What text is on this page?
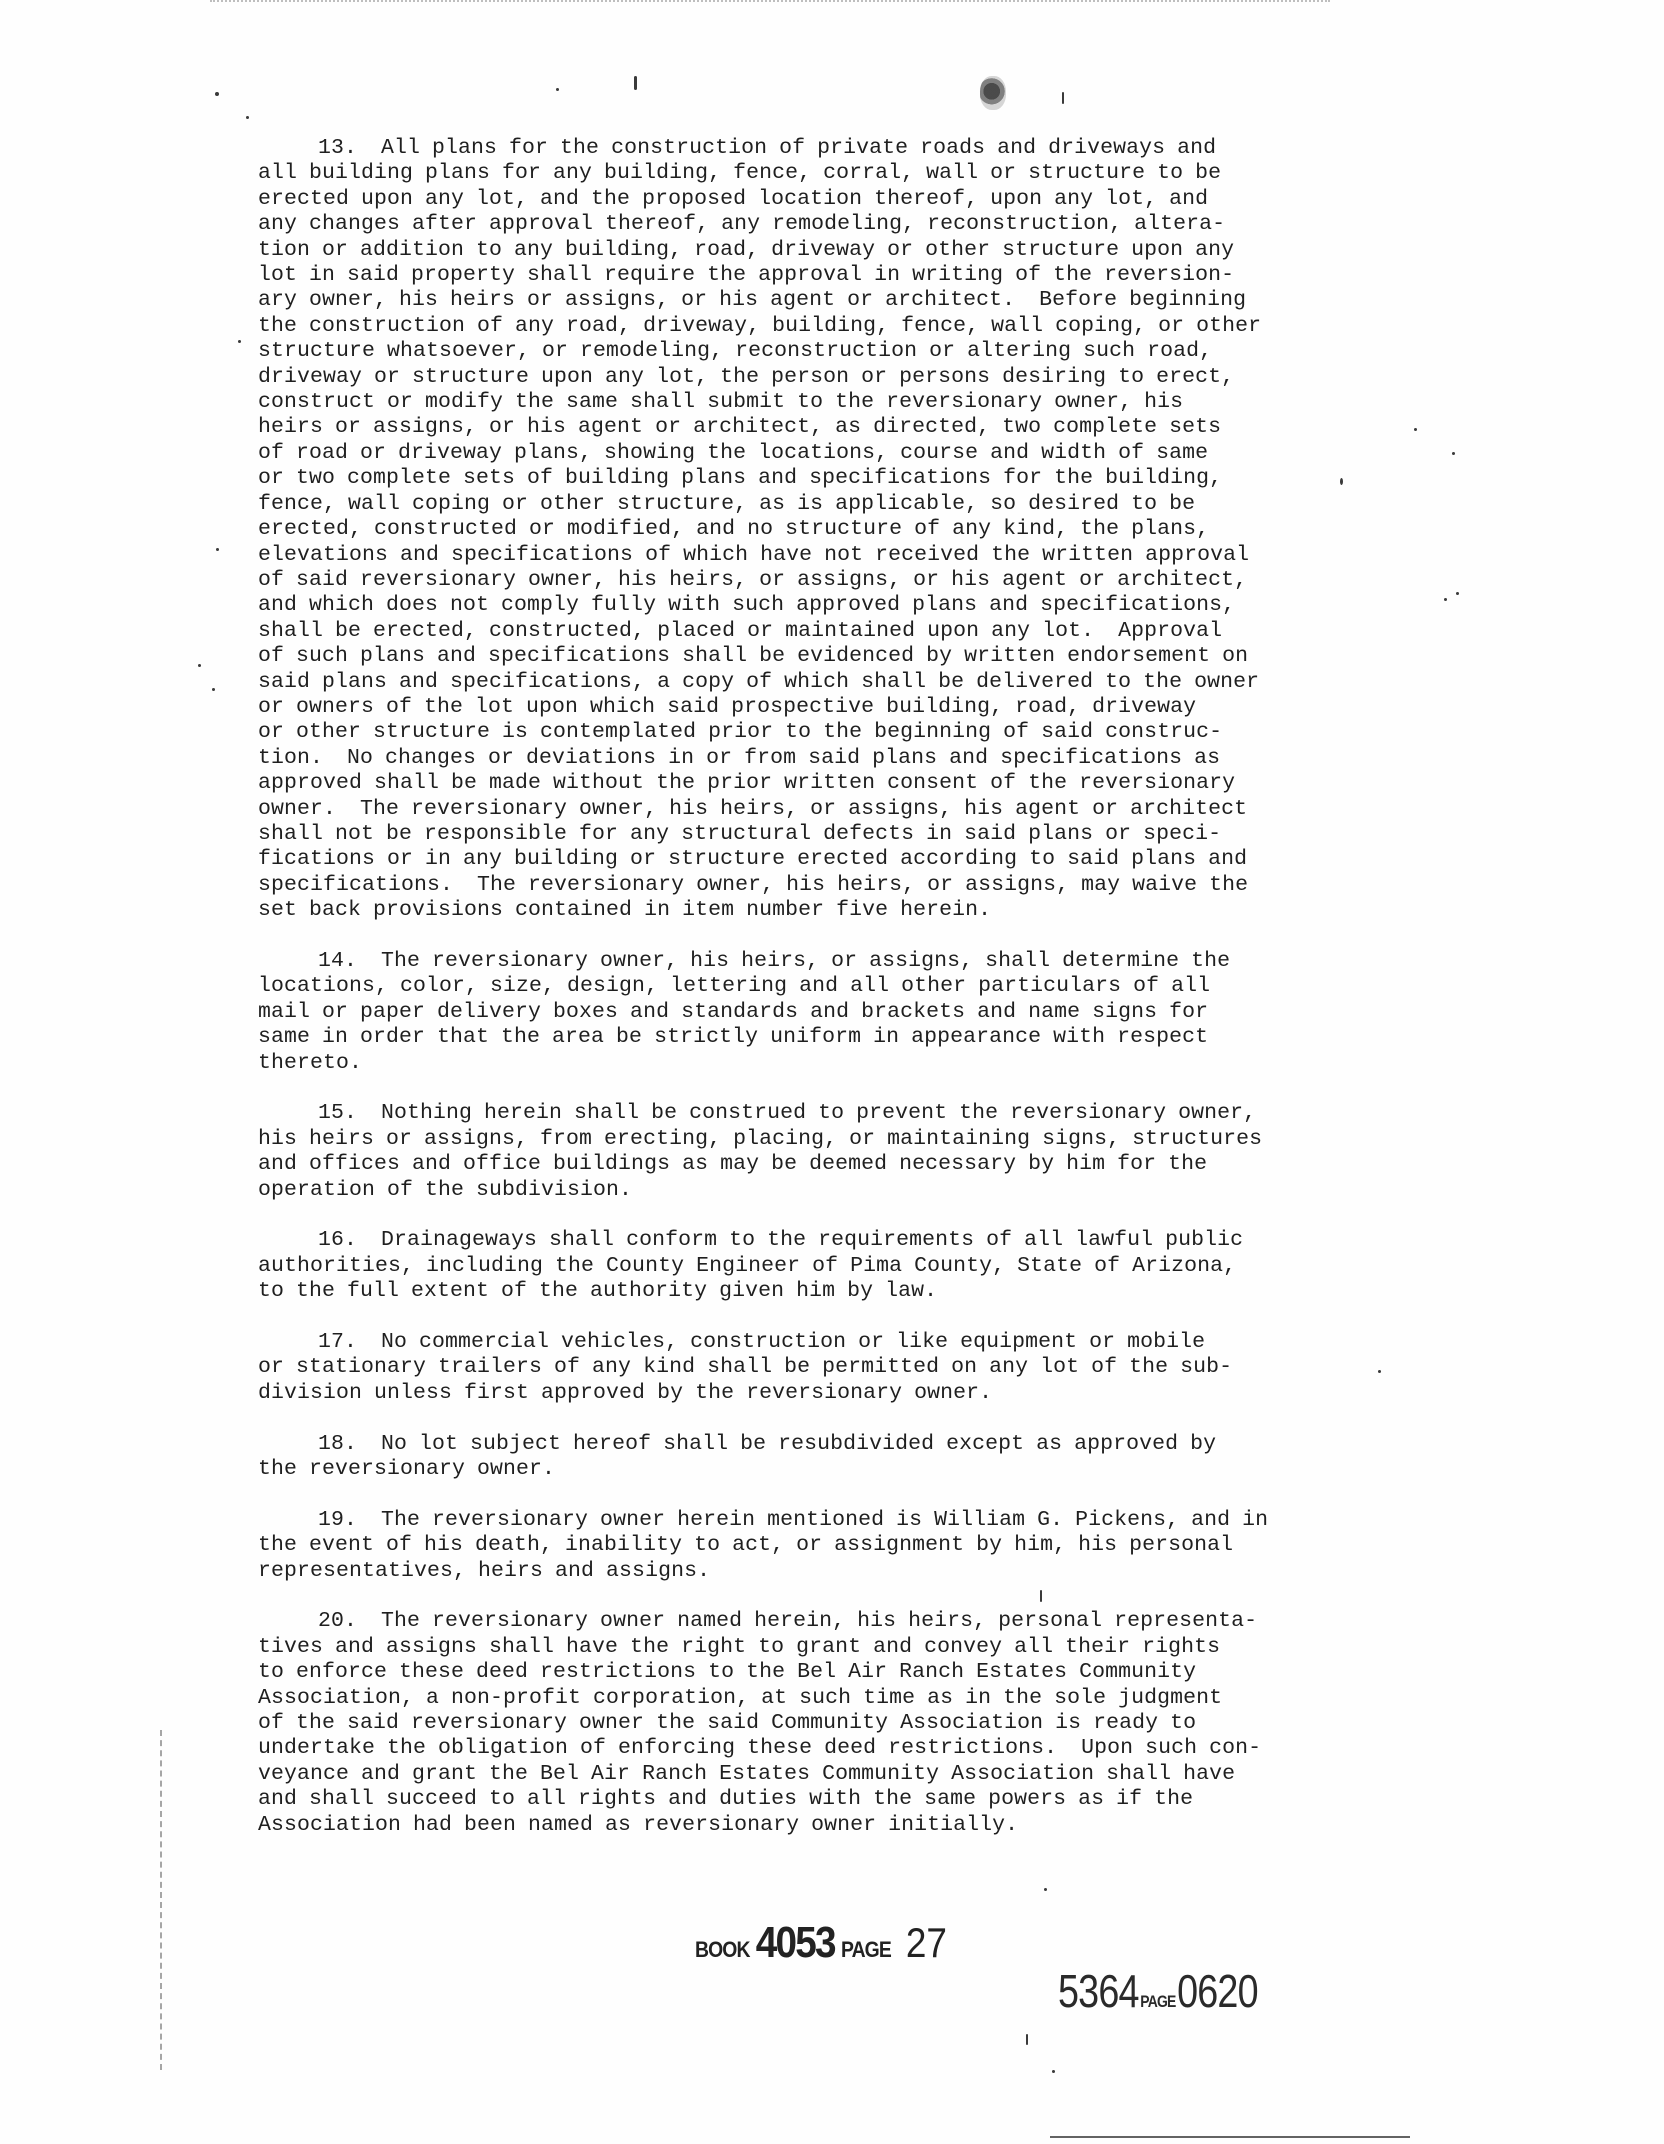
13.  All plans for the construction of private roads and driveways and
all building plans for any building, fence, corral, wall or structure to be
erected upon any lot, and the proposed location thereof, upon any lot, and
any changes after approval thereof, any remodeling, reconstruction, altera-
tion or addition to any building, road, driveway or other structure upon any
lot in said property shall require the approval in writing of the reversion-
ary owner, his heirs or assigns, or his agent or architect.  Before beginning
the construction of any road, driveway, building, fence, wall coping, or other
structure whatsoever, or remodeling, reconstruction or altering such road,
driveway or structure upon any lot, the person or persons desiring to erect,
construct or modify the same shall submit to the reversionary owner, his
heirs or assigns, or his agent or architect, as directed, two complete sets
of road or driveway plans, showing the locations, course and width of same
or two complete sets of building plans and specifications for the building,
fence, wall coping or other structure, as is applicable, so desired to be
erected, constructed or modified, and no structure of any kind, the plans,
elevations and specifications of which have not received the written approval
of said reversionary owner, his heirs, or assigns, or his agent or architect,
and which does not comply fully with such approved plans and specifications,
shall be erected, constructed, placed or maintained upon any lot.  Approval
of such plans and specifications shall be evidenced by written endorsement on
said plans and specifications, a copy of which shall be delivered to the owner
or owners of the lot upon which said prospective building, road, driveway
or other structure is contemplated prior to the beginning of said construc-
tion.  No changes or deviations in or from said plans and specifications as
approved shall be made without the prior written consent of the reversionary
owner.  The reversionary owner, his heirs, or assigns, his agent or architect
shall not be responsible for any structural defects in said plans or speci-
fications or in any building or structure erected according to said plans and
specifications.  The reversionary owner, his heirs, or assigns, may waive the
set back provisions contained in item number five herein.

14.  The reversionary owner, his heirs, or assigns, shall determine the
locations, color, size, design, lettering and all other particulars of all
mail or paper delivery boxes and standards and brackets and name signs for
same in order that the area be strictly uniform in appearance with respect
thereto.

15.  Nothing herein shall be construed to prevent the reversionary owner,
his heirs or assigns, from erecting, placing, or maintaining signs, structures
and offices and office buildings as may be deemed necessary by him for the
operation of the subdivision.

16.  Drainageways shall conform to the requirements of all lawful public
authorities, including the County Engineer of Pima County, State of Arizona,
to the full extent of the authority given him by law.

17.  No commercial vehicles, construction or like equipment or mobile
or stationary trailers of any kind shall be permitted on any lot of the sub-
division unless first approved by the reversionary owner.

18.  No lot subject hereof shall be resubdivided except as approved by
the reversionary owner.

19.  The reversionary owner herein mentioned is William G. Pickens, and in
the event of his death, inability to act, or assignment by him, his personal
representatives, heirs and assigns.

20.  The reversionary owner named herein, his heirs, personal representa-
tives and assigns shall have the right to grant and convey all their rights
to enforce these deed restrictions to the Bel Air Ranch Estates Community
Association, a non-profit corporation, at such time as in the sole judgment
of the said reversionary owner the said Community Association is ready to
undertake the obligation of enforcing these deed restrictions.  Upon such con-
veyance and grant the Bel Air Ranch Estates Community Association shall have
and shall succeed to all rights and duties with the same powers as if the
Association had been named as reversionary owner initially.

BOOK 4053 PAGE 27
5364 PAGE 0620
